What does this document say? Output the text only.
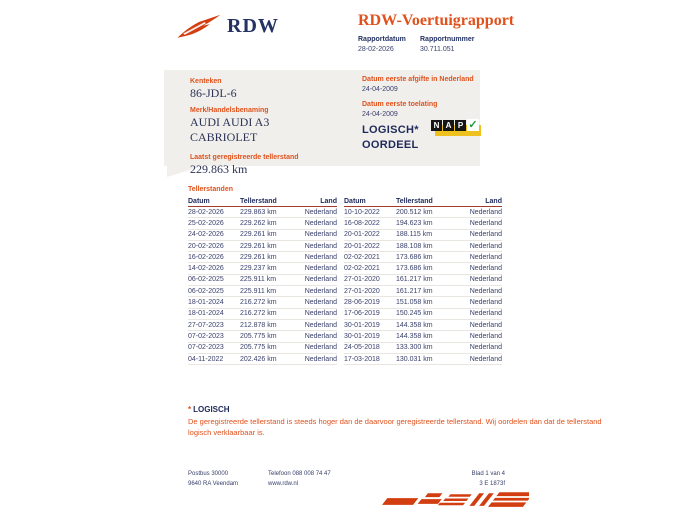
RDW	RDW-Voertuigrapport
Rapportdatum
28-02-2026
Rapportnummer
30.711.051
Kenteken
86-JDL-6
Merk/Handelsbenaming
AUDI AUDI A3
CABRIOLET
Laatst geregistreerde tellerstand
229.863 km
Datum eerste afgifte in Nederland
24-04-2009
Datum eerste toelating
24-04-2009
LOGISCH*
OORDEEL
N A P ✓
Tellerstanden
Datum	Tellerstand	Land
28-02-2026	229.863 km	Nederland
25-02-2026	229.262 km	Nederland
24-02-2026	229.261 km	Nederland
20-02-2026	229.261 km	Nederland
16-02-2026	229.261 km	Nederland
14-02-2026	229.237 km	Nederland
06-02-2025	225.911 km	Nederland
06-02-2025	225.911 km	Nederland
18-01-2024	216.272 km	Nederland
18-01-2024	216.272 km	Nederland
27-07-2023	212.878 km	Nederland
07-02-2023	205.775 km	Nederland
07-02-2023	205.775 km	Nederland
04-11-2022	202.426 km	Nederland
Datum	Tellerstand	Land
10-10-2022	200.512 km	Nederland
16-08-2022	194.623 km	Nederland
20-01-2022	188.115 km	Nederland
20-01-2022	188.108 km	Nederland
02-02-2021	173.686 km	Nederland
02-02-2021	173.686 km	Nederland
27-01-2020	161.217 km	Nederland
27-01-2020	161.217 km	Nederland
28-06-2019	151.058 km	Nederland
17-06-2019	150.245 km	Nederland
30-01-2019	144.358 km	Nederland
30-01-2019	144.358 km	Nederland
24-05-2018	133.300 km	Nederland
17-03-2018	130.031 km	Nederland
* LOGISCH
De geregistreerde tellerstand is steeds hoger dan de daarvoor geregistreerde tellerstand. Wij oordelen dan dat de tellerstand logisch verklaarbaar is.
Postbus 30000
9640 RA Veendam
Telefoon 088 008 74 47
www.rdw.nl
Blad 1 van 4
3 E 1873f
